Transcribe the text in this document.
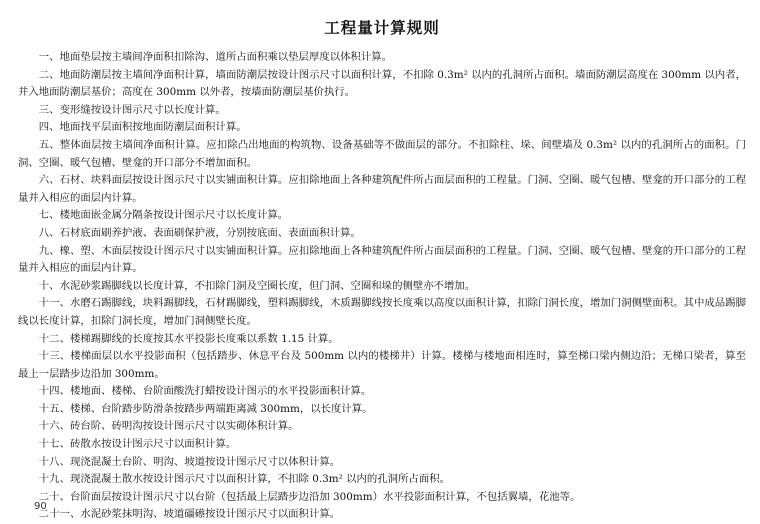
工程量计算规则

一、地面垫层按主墙间净面积扣除沟、道所占面积乘以垫层厚度以体积计算。

二、地面防潮层按主墙间净面积计算，墙面防潮层按设计图示尺寸以面积计算，不扣除 0.3m² 以内的孔洞所占面积。墙面防潮层高度在 300mm 以内者，并入地面防潮层基价；高度在 300mm 以外者，按墙面防潮层基价执行。

三、变形缝按设计图示尺寸以长度计算。

四、地面找平层面积按地面防潮层面积计算。

五、整体面层按主墙间净面积计算。应扣除凸出地面的构筑物、设备基础等不做面层的部分。不扣除柱、垛、间壁墙及 0.3m² 以内的孔洞所占的面积。门洞、空圈、暖气包槽、壁龛的开口部分不增加面积。

六、石材、块料面层按设计图示尺寸以实铺面积计算。应扣除地面上各种建筑配件所占面层面积的工程量。门洞、空圈、暖气包槽、壁龛的开口部分的工程量并入相应的面层内计算。

七、楼地面嵌金属分隔条按设计图示尺寸以长度计算。

八、石材底面刷养护液、表面刷保护液，分别按底面、表面面积计算。

九、橡、塑、木面层按设计图示尺寸以实铺面积计算。应扣除地面上各种建筑配件所占面层面积的工程量。门洞、空圈、暖气包槽、壁龛的开口部分的工程量并入相应的面层内计算。

十、水泥砂浆踢脚线以长度计算，不扣除门洞及空圈长度，但门洞、空圈和垛的侧壁亦不增加。

十一、水磨石踢脚线，块料踢脚线，石材踢脚线，塑料踢脚线，木质踢脚线按长度乘以高度以面积计算，扣除门洞长度，增加门洞侧壁面积。其中成品踢脚线以长度计算，扣除门洞长度，增加门洞侧壁长度。

十二、楼梯踢脚线的长度按其水平投影长度乘以系数 1.15 计算。

十三、楼梯面层以水平投影面积（包括踏步、休息平台及 500mm 以内的楼梯井）计算。楼梯与楼地面相连时，算至梯口梁内侧边沿；无梯口梁者，算至最上一层踏步边沿加 300mm。

十四、楼地面、楼梯、台阶面酸洗打蜡按设计图示的水平投影面积计算。

十五、楼梯、台阶踏步防滑条按踏步两端距离减 300mm，以长度计算。

十六、砖台阶、砖明沟按设计图示尺寸以实砌体积计算。

十七、砖散水按设计图示尺寸以面积计算。

十八、现浇混凝土台阶、明沟、坡道按设计图示尺寸以体积计算。

十九、现浇混凝土散水按设计图示尺寸以面积计算，不扣除 0.3m² 以内的孔洞所占面积。

二十、台阶面层按设计图示尺寸以台阶（包括最上层踏步边沿加 300mm）水平投影面积计算，不包括翼墙，花池等。

二十一、水泥砂浆抹明沟、坡道礓礤按设计图示尺寸以面积计算。

90
